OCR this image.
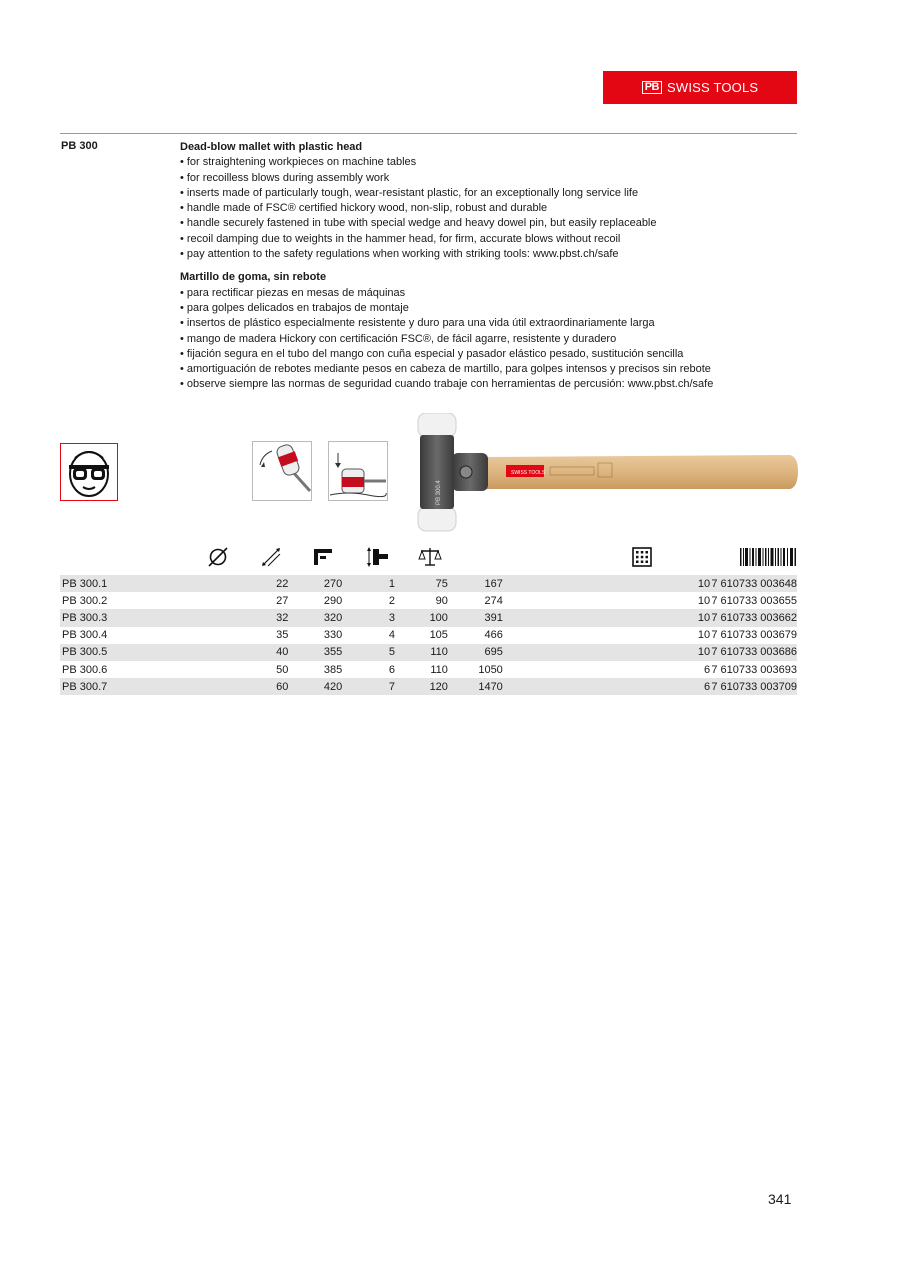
PB SWISS TOOLS
PB 300	Dead-blow mallet with plastic head
• for straightening workpieces on machine tables
• for recoilless blows during assembly work
• inserts made of particularly tough, wear-resistant plastic, for an exceptionally long service life
• handle made of FSC® certified hickory wood, non-slip, robust and durable
• handle securely fastened in tube with special wedge and heavy dowel pin, but easily replaceable
• recoil damping due to weights in the hammer head, for firm, accurate blows without recoil
• pay attention to the safety regulations when working with striking tools: www.pbst.ch/safe
Martillo de goma, sin rebote
• para rectificar piezas en mesas de máquinas
• para golpes delicados en trabajos de montaje
• insertos de plástico especialmente resistente y duro para una vida útil extraordinariamente larga
• mango de madera Hickory con certificación FSC®, de fácil agarre, resistente y duradero
• fijación segura en el tubo del mango con cuña especial y pasador elástico pesado, sustitución sencilla
• amortiguación de rebotes mediante pesos en cabeza de martillo, para golpes intensos y precisos sin rebote
• observe siempre las normas de seguridad cuando trabaje con herramientas de percusión: www.pbst.ch/safe
PB 300.4
SWISS TOOLS
PB 300.1	22	270	1	75	167	10	7 610733 003648
PB 300.2	27	290	2	90	274	10	7 610733 003655
PB 300.3	32	320	3	100	391	10	7 610733 003662
PB 300.4	35	330	4	105	466	10	7 610733 003679
PB 300.5	40	355	5	110	695	10	7 610733 003686
PB 300.6	50	385	6	110	1050	6	7 610733 003693
PB 300.7	60	420	7	120	1470	6	7 610733 003709
341
